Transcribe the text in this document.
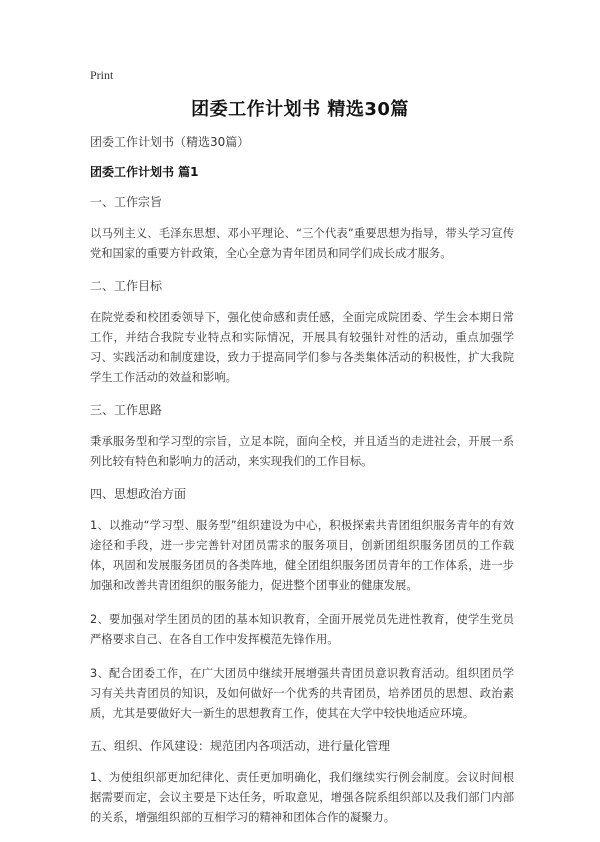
Print
团委工作计划书 精选30篇
团委工作计划书（精选30篇）
团委工作计划书 篇1
一、工作宗旨
以马列主义、毛泽东思想、邓小平理论、“三个代表”重要思想为指导，带头学习宣传党和国家的重要方针政策，全心全意为青年团员和同学们成长成才服务。
二、工作目标
在院党委和校团委领导下，强化使命感和责任感，全面完成院团委、学生会本期日常工作，并结合我院专业特点和实际情况，开展具有较强针对性的活动，重点加强学习、实践活动和制度建设，致力于提高同学们参与各类集体活动的积极性，扩大我院学生工作活动的效益和影响。
三、工作思路
秉承服务型和学习型的宗旨，立足本院，面向全校，并且适当的走进社会，开展一系列比较有特色和影响力的活动，来实现我们的工作目标。
四、思想政治方面
1、以推动“学习型、服务型”组织建设为中心，积极探索共青团组织服务青年的有效途径和手段，进一步完善针对团员需求的服务项目，创新团组织服务团员的工作载体，巩固和发展服务团员的各类阵地，健全团组织服务团员青年的工作体系，进一步加强和改善共青团组织的服务能力，促进整个团事业的健康发展。
2、要加强对学生团员的团的基本知识教育，全面开展党员先进性教育，使学生党员严格要求自己、在各自工作中发挥模范先锋作用。
3、配合团委工作，在广大团员中继续开展增强共青团员意识教育活动。组织团员学习有关共青团员的知识，及如何做好一个优秀的共青团员，培养团员的思想、政治素质，尤其是要做好大一新生的思想教育工作，使其在大学中较快地适应环境。
五、组织、作风建设：规范团内各项活动，进行量化管理
1、为使组织部更加纪律化、责任更加明确化，我们继续实行例会制度。会议时间根据需要而定，会议主要是下达任务，听取意见，增强各院系组织部以及我们部门内部的关系，增强组织部的互相学习的精神和团体合作的凝聚力。
